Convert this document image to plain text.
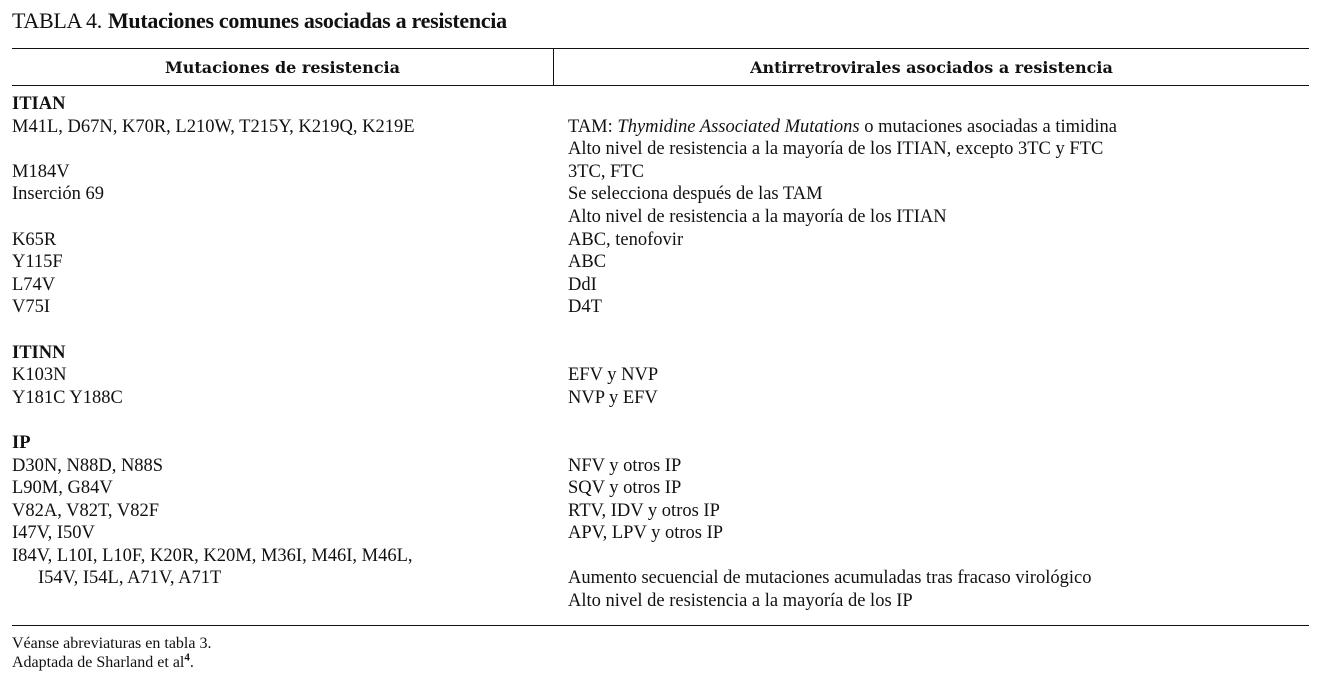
TABLA 4. Mutaciones comunes asociadas a resistencia
Mutaciones de resistencia	Antirretrovirales asociados a resistencia
ITIAN
M41L, D67N, K70R, L210W, T215Y, K219Q, K219E
M184V
Inserción 69
K65R
Y115F
L74V
V75I
ITINN
K103N
Y181C Y188C
IP
D30N, N88D, N88S
L90M, G84V
V82A, V82T, V82F
I47V, I50V
I84V, L10I, L10F, K20R, K20M, M36I, M46I, M46L,
I54V, I54L, A71V, A71T
TAM: Thymidine Associated Mutations o mutaciones asociadas a timidina
Alto nivel de resistencia a la mayoría de los ITIAN, excepto 3TC y FTC
3TC, FTC
Se selecciona después de las TAM
Alto nivel de resistencia a la mayoría de los ITIAN
ABC, tenofovir
ABC
DdI
D4T
EFV y NVP
NVP y EFV
NFV y otros IP
SQV y otros IP
RTV, IDV y otros IP
APV, LPV y otros IP
Aumento secuencial de mutaciones acumuladas tras fracaso virológico
Alto nivel de resistencia a la mayoría de los IP
Véanse abreviaturas en tabla 3.
Adaptada de Sharland et $al^4$.
